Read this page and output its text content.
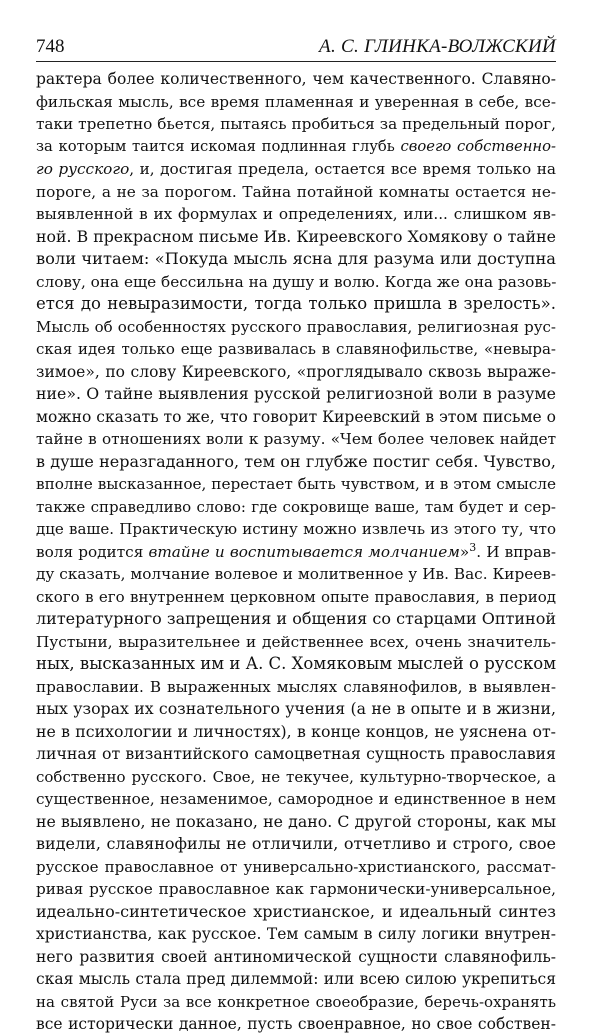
748	А. С. ГЛИНКА-ВОЛЖСКИЙ
рактера более количественного, чем качественного. Славяно-
фильская мысль, все время пламенная и уверенная в себе, все-
таки трепетно бьется, пытаясь пробиться за предельный порог,
за которым таится искомая подлинная глубь своего собственно-
го русского, и, достигая предела, остается все время только на
пороге, а не за порогом. Тайна потайной комнаты остается не-
выявленной в их формулах и определениях, или... слишком яв-
ной. В прекрасном письме Ив. Киреевского Хомякову о тайне
воли читаем: «Покуда мысль ясна для разума или доступна
слову, она еще бессильна на душу и волю. Когда же она разовь-
ется до невыразимости, тогда только пришла в зрелость».
Мысль об особенностях русского православия, религиозная рус-
ская идея только еще развивалась в славянофильстве, «невыра-
зимое», по слову Киреевского, «проглядывало сквозь выраже-
ние». О тайне выявления русской религиозной воли в разуме
можно сказать то же, что говорит Киреевский в этом письме о
тайне в отношениях воли к разуму. «Чем более человек найдет
в душе неразгаданного, тем он глубже постиг себя. Чувство,
вполне высказанное, перестает быть чувством, и в этом смысле
также справедливо слово: где сокровище ваше, там будет и сер-
дце ваше. Практическую истину можно извлечь из этого ту, что
воля родится втайне и воспитывается молчанием»$^3$. И вправ-
ду сказать, молчание волевое и молитвенное у Ив. Вас. Киреев-
ского в его внутреннем церковном опыте православия, в период
литературного запрещения и общения со старцами Оптиной
Пустыни, выразительнее и действеннее всех, очень значитель-
ных, высказанных им и А. С. Хомяковым мыслей о русском
православии. В выраженных мыслях славянофилов, в выявлен-
ных узорах их сознательного учения (а не в опыте и в жизни,
не в психологии и личностях), в конце концов, не уяснена от-
личная от византийского самоцветная сущность православия
собственно русского. Свое, не текучее, культурно-творческое, а
существенное, незаменимое, самородное и единственное в нем
не выявлено, не показано, не дано. С другой стороны, как мы
видели, славянофилы не отличили, отчетливо и строго, свое
русское православное от универсально-христианского, рассмат-
ривая русское православное как гармонически-универсальное,
идеально-синтетическое христианское, и идеальный синтез
христианства, как русское. Тем самым в силу логики внутрен-
него развития своей антиномической сущности славянофиль-
ская мысль стала пред дилеммой: или всею силою укрепиться
на святой Руси за все конкретное своеобразие, беречь-охранять
все исторически данное, пусть своенравное, но свое собствен-
